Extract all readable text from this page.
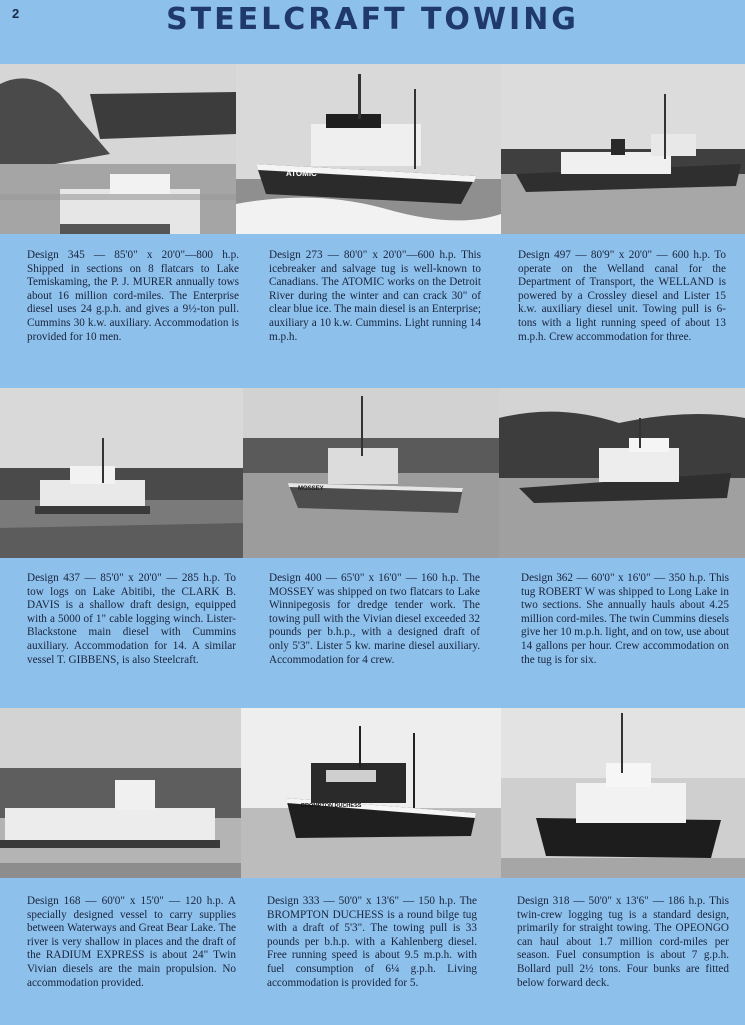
STEELCRAFT TOWING
2
ATOMIC
Design 345 — 85'0" x 20'0"—800 h.p. Shipped in sections on 8 flatcars to Lake Temiskaming, the P. J. MURER annually tows about 16 million cord-miles. The Enterprise diesel uses 24 g.p.h. and gives a 9½-ton pull. Cummins 30 k.w. auxiliary. Accommodation is provided for 10 men.
Design 273 — 80'0" x 20'0"—600 h.p. This icebreaker and salvage tug is well-known to Canadians. The ATOMIC works on the Detroit River during the winter and can crack 30" of clear blue ice. The main diesel is an Enterprise; auxiliary a 10 k.w. Cummins. Light running 14 m.p.h.
Design 497 — 80'9" x 20'0" — 600 h.p. To operate on the Welland canal for the Department of Transport, the WELLAND is powered by a Crossley diesel and Lister 15 k.w. auxiliary diesel unit. Towing pull is 6-tons with a light running speed of about 13 m.p.h. Crew accommodation for three.
MOSSEY
Design 437 — 85'0" x 20'0" — 285 h.p. To tow logs on Lake Abitibi, the CLARK B. DAVIS is a shallow draft design, equipped with a 5000 of 1" cable logging winch. Lister-Blackstone main diesel with Cummins auxiliary. Accommodation for 14. A similar vessel T. GIBBENS, is also Steelcraft.
Design 400 — 65'0" x 16'0" — 160 h.p. The MOSSEY was shipped on two flatcars to Lake Winnipegosis for dredge tender work. The towing pull with the Vivian diesel exceeded 32 pounds per b.h.p., with a designed draft of only 5'3". Lister 5 kw. marine diesel auxiliary. Accommodation for 4 crew.
Design 362 — 60'0" x 16'0" — 350 h.p. This tug ROBERT W was shipped to Long Lake in two sections. She annually hauls about 4.25 million cord-miles. The twin Cummins diesels give her 10 m.p.h. light, and on tow, use about 14 gallons per hour. Crew accommodation on the tug is for six.
BROMPTON DUCHESS
Design 168 — 60'0" x 15'0" — 120 h.p. A specially designed vessel to carry supplies between Waterways and Great Bear Lake. The river is very shallow in places and the draft of the RADIUM EXPRESS is about 24" Twin Vivian diesels are the main propulsion. No accommodation provided.
Design 333 — 50'0" x 13'6" — 150 h.p. The BROMPTON DUCHESS is a round bilge tug with a draft of 5'3". The towing pull is 33 pounds per b.h.p. with a Kahlenberg diesel. Free running speed is about 9.5 m.p.h. with fuel consumption of 6¼ g.p.h. Living accommodation is provided for 5.
Design 318 — 50'0" x 13'6" — 186 h.p. This twin-crew logging tug is a standard design, primarily for straight towing. The OPEONGO can haul about 1.7 million cord-miles per season. Fuel consumption is about 7 g.p.h. Bollard pull 2½ tons. Four bunks are fitted below forward deck.
